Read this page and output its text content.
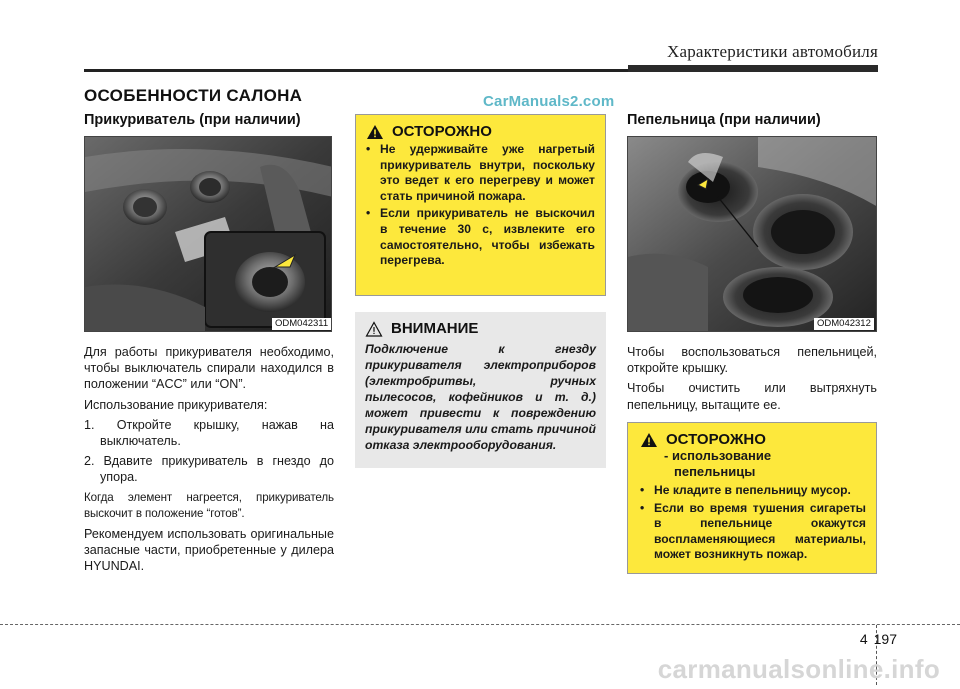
Характеристики автомобиля
ОСОБЕННОСТИ САЛОНА	CarManuals2.com
Прикуриватель (при наличии)
ODM042311

Для работы прикуривателя необходимо, чтобы выключатель спирали находился в положении “ACC” или “ON”.

Использование прикуривателя:

1. Откройте крышку, нажав на выключатель.

2. Вдавите прикуриватель в гнездо до упора.

Когда элемент нагреется, прикуриватель выскочит в положение “готов”.

Рекомендуем использовать оригинальные запасные части, приобретенные у дилера HYUNDAI.

ОСТОРОЖНО
• Не удерживайте уже нагретый прикуриватель внутри, поскольку это ведет к его перегреву и может стать причиной пожара.
• Если прикуриватель не выскочил в течение 30 с, извлеките его самостоятельно, чтобы избежать перегрева.
ВНИМАНИЕ
Подключение к гнезду прикуривателя электроприборов (электробритвы, ручных пылесосов, кофейников и т. д.) может привести к повреждению прикуривателя или стать причиной отказа электрооборудования.
Пепельница (при наличии)
ODM042312

Чтобы воспользоваться пепельницей, откройте крышку.

Чтобы очистить или вытряхнуть пепельницу, вытащите ее.

ОСТОРОЖНО
- использование
пепельницы
• Не кладите в пепельницу мусор.
• Если во время тушения сигареты в пепельнице окажутся воспламеняющиеся материалы, может возникнуть пожар.
4 197
carmanualsonline.info
